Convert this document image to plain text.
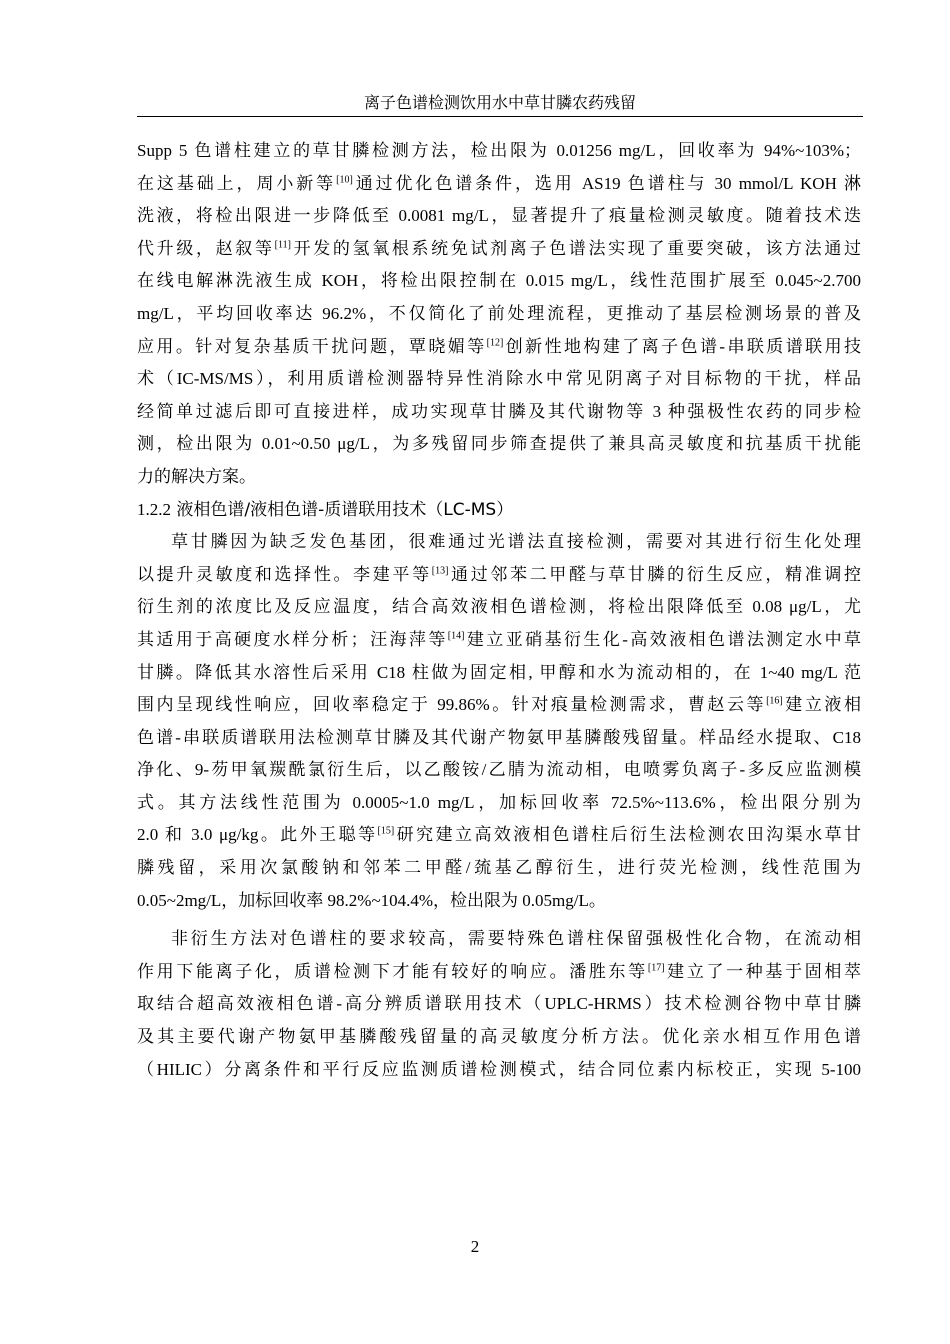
离子色谱检测饮用水中草甘膦农药残留

Supp 5 色谱柱建立的草甘膦检测方法，检出限为 0.01256 mg/L，回收率为 94%~103%；
在这基础上，周小新等[10]通过优化色谱条件，选用 AS19 色谱柱与 30 mmol/L KOH 淋
洗液，将检出限进一步降低至 0.0081 mg/L，显著提升了痕量检测灵敏度。随着技术迭
代升级，赵叙等[11]开发的氢氧根系统免试剂离子色谱法实现了重要突破，该方法通过
在线电解淋洗液生成 KOH，将检出限控制在 0.015 mg/L，线性范围扩展至 0.045~2.700
mg/L，平均回收率达 96.2%，不仅简化了前处理流程，更推动了基层检测场景的普及
应用。针对复杂基质干扰问题，覃晓媚等[12]创新性地构建了离子色谱-串联质谱联用技
术（IC-MS/MS），利用质谱检测器特异性消除水中常见阴离子对目标物的干扰，样品
经简单过滤后即可直接进样，成功实现草甘膦及其代谢物等 3 种强极性农药的同步检
测，检出限为 0.01~0.50 μg/L，为多残留同步筛查提供了兼具高灵敏度和抗基质干扰能
力的解决方案。

1.2.2 液相色谱/液相色谱-质谱联用技术（LC-MS）

草甘膦因为缺乏发色基团，很难通过光谱法直接检测，需要对其进行衍生化处理
以提升灵敏度和选择性。李建平等[13]通过邻苯二甲醛与草甘膦的衍生反应，精准调控
衍生剂的浓度比及反应温度，结合高效液相色谱检测，将检出限降低至 0.08 μg/L，尤
其适用于高硬度水样分析；汪海萍等[14]建立亚硝基衍生化-高效液相色谱法测定水中草
甘膦。降低其水溶性后采用 C18 柱做为固定相, 甲醇和水为流动相的，在 1~40 mg/L 范
围内呈现线性响应，回收率稳定于 99.86%。针对痕量检测需求，曹赵云等[16]建立液相
色谱-串联质谱联用法检测草甘膦及其代谢产物氨甲基膦酸残留量。样品经水提取、C18
净化、9-芴甲氧羰酰氯衍生后，以乙酸铵/乙腈为流动相，电喷雾负离子-多反应监测模
式。其方法线性范围为 0.0005~1.0 mg/L，加标回收率 72.5%~113.6%，检出限分别为
2.0 和 3.0 μg/kg。此外王聪等[15]研究建立高效液相色谱柱后衍生法检测农田沟渠水草甘
膦残留，采用次氯酸钠和邻苯二甲醛/巯基乙醇衍生，进行荧光检测，线性范围为
0.05~2mg/L，加标回收率 98.2%~104.4%，检出限为 0.05mg/L。

非衍生方法对色谱柱的要求较高，需要特殊色谱柱保留强极性化合物，在流动相
作用下能离子化，质谱检测下才能有较好的响应。潘胜东等[17]建立了一种基于固相萃
取结合超高效液相色谱-高分辨质谱联用技术（UPLC-HRMS）技术检测谷物中草甘膦
及其主要代谢产物氨甲基膦酸残留量的高灵敏度分析方法。优化亲水相互作用色谱
（HILIC）分离条件和平行反应监测质谱检测模式，结合同位素内标校正，实现 5-100

2
